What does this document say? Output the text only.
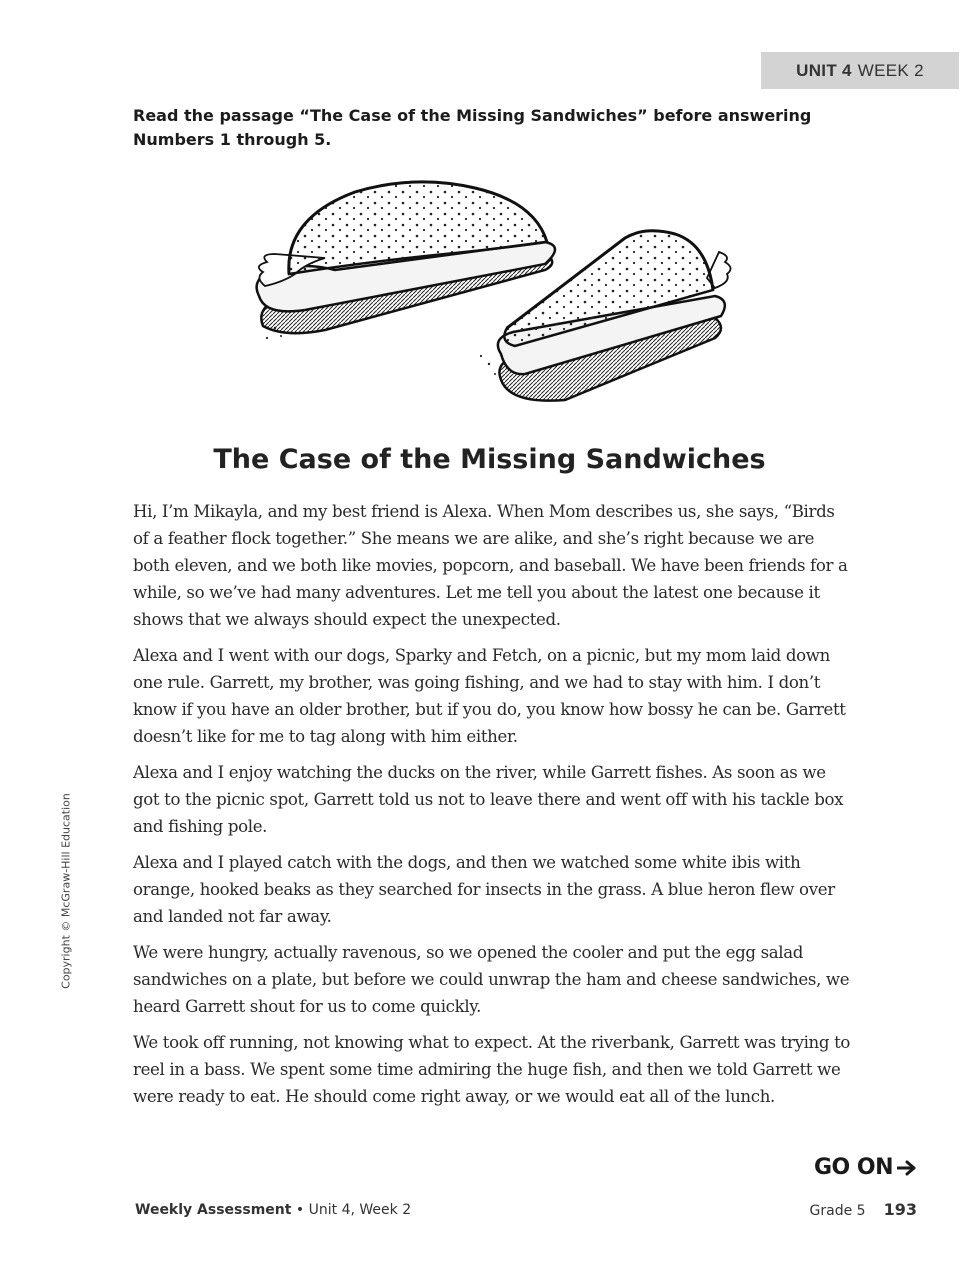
UNIT 4 WEEK 2
Read the passage “The Case of the Missing Sandwiches” before answering Numbers 1 through 5.
The Case of the Missing Sandwiches

Hi, I’m Mikayla, and my best friend is Alexa. When Mom describes us, she says, “Birds of a feather flock together.” She means we are alike, and she’s right because we are both eleven, and we both like movies, popcorn, and baseball. We have been friends for a while, so we’ve had many adventures. Let me tell you about the latest one because it shows that we always should expect the unexpected.

Alexa and I went with our dogs, Sparky and Fetch, on a picnic, but my mom laid down one rule. Garrett, my brother, was going fishing, and we had to stay with him. I don’t know if you have an older brother, but if you do, you know how bossy he can be. Garrett doesn’t like for me to tag along with him either.

Alexa and I enjoy watching the ducks on the river, while Garrett fishes. As soon as we got to the picnic spot, Garrett told us not to leave there and went off with his tackle box and fishing pole.

Alexa and I played catch with the dogs, and then we watched some white ibis with orange, hooked beaks as they searched for insects in the grass. A blue heron flew over and landed not far away.

We were hungry, actually ravenous, so we opened the cooler and put the egg salad sandwiches on a plate, but before we could unwrap the ham and cheese sandwiches, we heard Garrett shout for us to come quickly.

We took off running, not knowing what to expect. At the riverbank, Garrett was trying to reel in a bass. We spent some time admiring the huge fish, and then we told Garrett we were ready to eat. He should come right away, or we would eat all of the lunch.

Copyright © McGraw-Hill Education
GO ON
Weekly Assessment • Unit 4, Week 2	Grade 5 193
